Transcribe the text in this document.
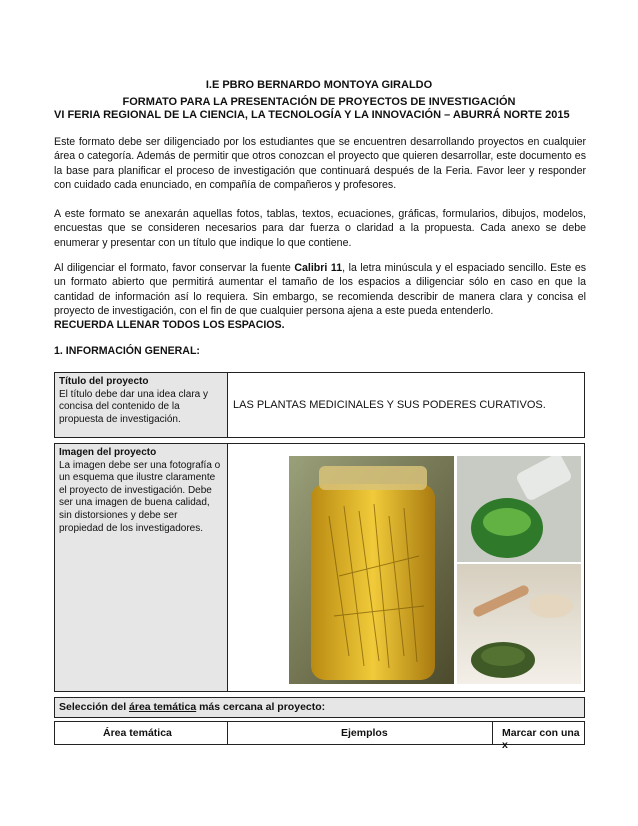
I.E PBRO BERNARDO MONTOYA GIRALDO
FORMATO PARA LA PRESENTACIÓN DE PROYECTOS DE INVESTIGACIÓN
VI FERIA REGIONAL DE LA CIENCIA, LA TECNOLOGÍA Y LA INNOVACIÓN – ABURRÁ NORTE 2015
Este formato debe ser diligenciado por los estudiantes que se encuentren desarrollando proyectos en cualquier área o categoría. Además de permitir que otros conozcan el proyecto que quieren desarrollar, este documento es la base para planificar el proceso de investigación que continuará después de la Feria. Favor leer y responder con cuidado cada enunciado, en compañía de compañeros y profesores.
A este formato se anexarán aquellas fotos, tablas, textos, ecuaciones, gráficas, formularios, dibujos, modelos, encuestas que se consideren necesarios para dar fuerza o claridad a la propuesta. Cada anexo se debe enumerar y presentar con un título que indique lo que contiene.
Al diligenciar el formato, favor conservar la fuente Calibri 11, la letra minúscula y el espaciado sencillo. Este es un formato abierto que permitirá aumentar el tamaño de los espacios a diligenciar sólo en caso en que la cantidad de información así lo requiera. Sin embargo, se recomienda describir de manera clara y concisa el proyecto de investigación, con el fin de que cualquier persona ajena a este pueda entenderlo.
RECUERDA LLENAR TODOS LOS ESPACIOS.
1. INFORMACIÓN GENERAL:
Título del proyecto
El título debe dar una idea clara y concisa del contenido de la propuesta de investigación.
LAS PLANTAS MEDICINALES Y SUS PODERES CURATIVOS.
Imagen del proyecto
La imagen debe ser una fotografía o un esquema que ilustre claramente el proyecto de investigación. Debe ser una imagen de buena calidad, sin distorsiones y debe ser propiedad de los investigadores.
Selección del área temática más cercana al proyecto:
Área temática	Ejemplos	Marcar con una x
